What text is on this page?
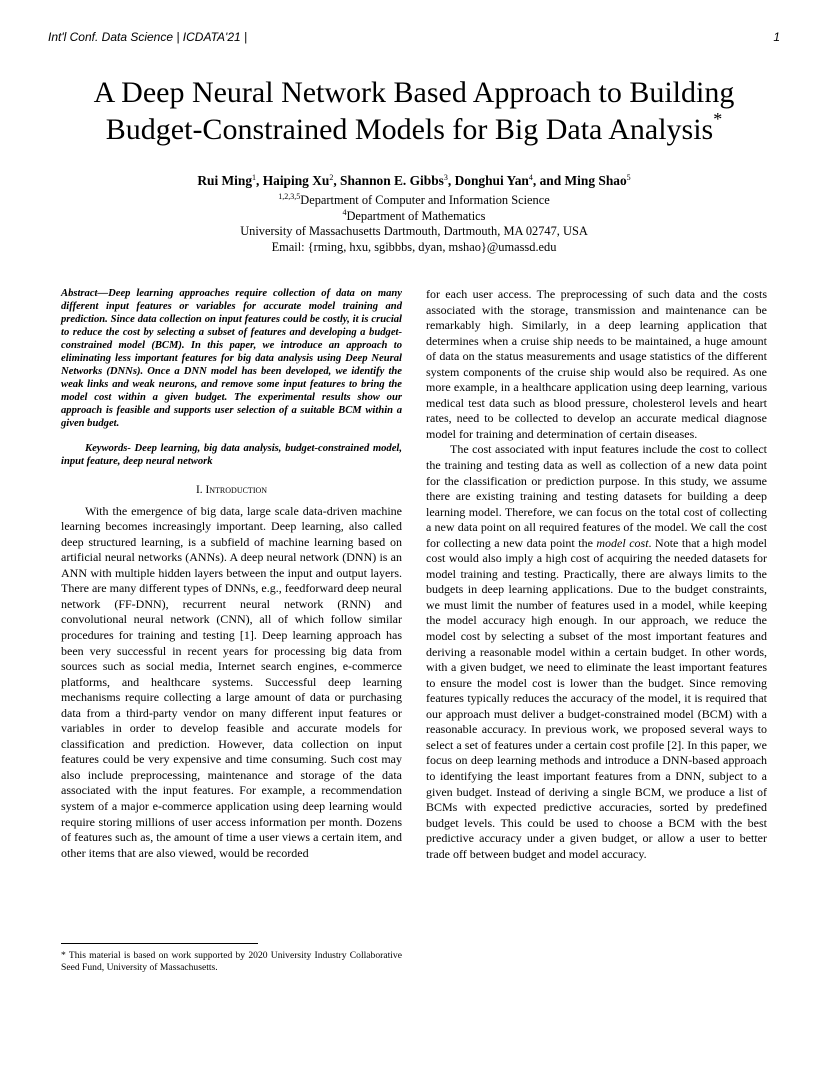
Int'l Conf. Data Science | ICDATA'21 |	1
A Deep Neural Network Based Approach to Building
Budget-Constrained Models for Big Data Analysis*
Rui Ming$^1$, Haiping Xu$^2$, Shannon E. Gibbs$^3$, Donghui Yan$^4$, and Ming Shao$^5$
$^{1,2,3,5}$Department of Computer and Information Science
$^4$Department of Mathematics
University of Massachusetts Dartmouth, Dartmouth, MA 02747, USA
Email: {rming, hxu, sgibbbs, dyan, mshao}@umassd.edu

Abstract—Deep learning approaches require collection of data on many different input features or variables for accurate model training and prediction. Since data collection on input features could be costly, it is crucial to reduce the cost by selecting a subset of features and developing a budget-constrained model (BCM). In this paper, we introduce an approach to eliminating less important features for big data analysis using Deep Neural Networks (DNNs). Once a DNN model has been developed, we identify the weak links and weak neurons, and remove some input features to bring the model cost within a given budget. The experimental results show our approach is feasible and supports user selection of a suitable BCM within a given budget.

Keywords- Deep learning, big data analysis, budget-constrained model, input feature, deep neural network

I. Introduction

With the emergence of big data, large scale data-driven machine learning becomes increasingly important. Deep learning, also called deep structured learning, is a subfield of machine learning based on artificial neural networks (ANNs). A deep neural network (DNN) is an ANN with multiple hidden layers between the input and output layers. There are many different types of DNNs, e.g., feedforward deep neural network (FF-DNN), recurrent neural network (RNN) and convolutional neural network (CNN), all of which follow similar procedures for training and testing [1]. Deep learning approach has been very successful in recent years for processing big data from sources such as social media, Internet search engines, e-commerce platforms, and healthcare systems. Successful deep learning mechanisms require collecting a large amount of data or purchasing data from a third-party vendor on many different input features or variables in order to develop feasible and accurate models for classification and prediction. However, data collection on input features could be very expensive and time consuming. Such cost may also include preprocessing, maintenance and storage of the data associated with the input features. For example, a recommendation system of a major e-commerce application using deep learning would require storing millions of user access information per month. Dozens of features such as, the amount of time a user views a certain item, and other items that are also viewed, would be recorded

for each user access. The preprocessing of such data and the costs associated with the storage, transmission and maintenance can be remarkably high. Similarly, in a deep learning application that determines when a cruise ship needs to be maintained, a huge amount of data on the status measurements and usage statistics of the different system components of the cruise ship would also be required. As one more example, in a healthcare application using deep learning, various medical test data such as blood pressure, cholesterol levels and heart rates, need to be collected to develop an accurate medical diagnose model for training and determination of certain diseases.

The cost associated with input features include the cost to collect the training and testing data as well as collection of a new data point for the classification or prediction purpose. In this study, we assume there are existing training and testing datasets for building a deep learning model. Therefore, we can focus on the total cost of collecting a new data point on all required features of the model. We call the cost for collecting a new data point the model cost. Note that a high model cost would also imply a high cost of acquiring the needed datasets for model training and testing. Practically, there are always limits to the budgets in deep learning applications. Due to the budget constraints, we must limit the number of features used in a model, while keeping the model accuracy high enough. In our approach, we reduce the model cost by selecting a subset of the most important features and deriving a reasonable model within a certain budget. In other words, with a given budget, we need to eliminate the least important features to ensure the model cost is lower than the budget. Since removing features typically reduces the accuracy of the model, it is required that our approach must deliver a budget-constrained model (BCM) with a reasonable accuracy. In previous work, we proposed several ways to select a set of features under a certain cost profile [2]. In this paper, we focus on deep learning methods and introduce a DNN-based approach to identifying the least important features from a DNN, subject to a given budget. Instead of deriving a single BCM, we produce a list of BCMs with expected predictive accuracies, sorted by predefined budget levels. This could be used to choose a BCM with the best predictive accuracy under a given budget, or allow a user to better trade off between budget and model accuracy.

* This material is based on work supported by 2020 University Industry Collaborative Seed Fund, University of Massachusetts.
